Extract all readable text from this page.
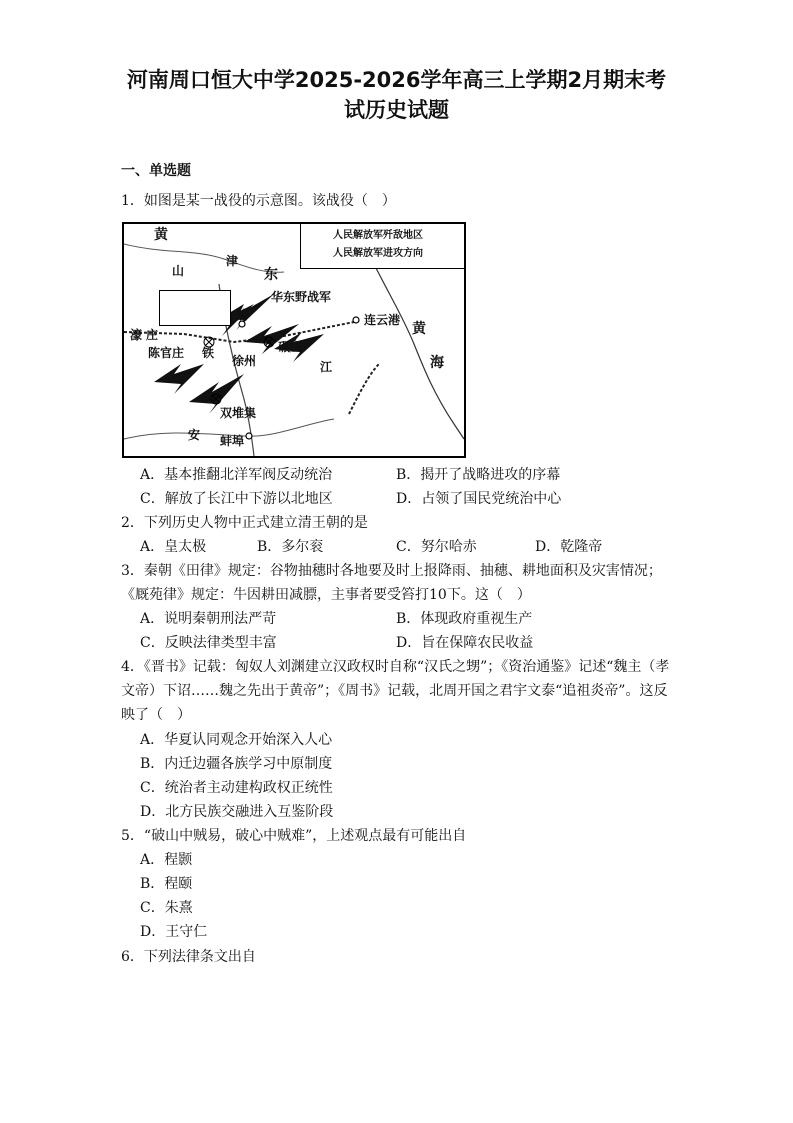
河南周口恒大中学2025-2026学年高三上学期2月期末考
试历史试题
一、单选题
1．如图是某一战役的示意图。该战役（　）
人民解放军歼敌地区
人民解放军进攻方向
黄
山
津
东
华东野战军
连云港
黄
海
庄
陈官庄 铁
徐州
碾庄
浦
江
双堆集
安 蚌埠
濠
A．基本推翻北洋军阀反动统治	B．揭开了战略进攻的序幕
C．解放了长江中下游以北地区	D．占领了国民党统治中心
2．下列历史人物中正式建立清王朝的是
A．皇太极	B．多尔衮	C．努尔哈赤	D．乾隆帝
3．秦朝《田律》规定：谷物抽穗时各地要及时上报降雨、抽穗、耕地面积及灾害情况；
《厩苑律》规定：牛因耕田减膘，主事者要受笞打10下。这（　）
A．说明秦朝刑法严苛	B．体现政府重视生产
C．反映法律类型丰富	D．旨在保障农民收益
4．《晋书》记载：匈奴人刘渊建立汉政权时自称“汉氏之甥”；《资治通鉴》记述“魏主（孝
文帝）下诏……魏之先出于黄帝”；《周书》记载，北周开国之君宇文泰“追祖炎帝”。这反
映了（　）
A．华夏认同观念开始深入人心
B．内迁边疆各族学习中原制度
C．统治者主动建构政权正统性
D．北方民族交融进入互鉴阶段
5．“破山中贼易，破心中贼难”，上述观点最有可能出自
A．程颢
B．程颐
C．朱熹
D．王守仁
6．下列法律条文出自
